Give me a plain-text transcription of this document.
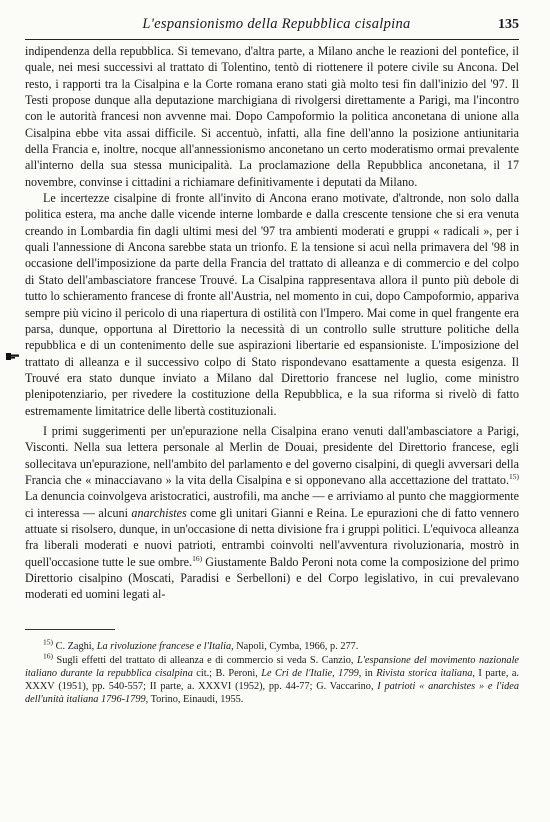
L'espansionismo della Repubblica cisalpina	135

indipendenza della repubblica. Si temevano, d'altra parte, a Milano anche le reazioni del pontefice, il quale, nei mesi successivi al trattato di Tolentino, tentò di riottenere il potere civile su Ancona. Del resto, i rapporti tra la Cisalpina e la Corte romana erano stati già molto tesi fin dall'inizio del '97. Il Testi propose dunque alla deputazione marchigiana di rivolgersi direttamente a Parigi, ma l'incontro con le autorità francesi non avvenne mai. Dopo Campoformio la politica anconetana di unione alla Cisalpina ebbe vita assai difficile. Si accentuò, infatti, alla fine dell'anno la posizione antiunitaria della Francia e, inoltre, nocque all'annessionismo anconetano un certo moderatismo ormai prevalente all'interno della sua stessa municipalità. La proclamazione della Repubblica anconetana, il 17 novembre, convinse i cittadini a richiamare definitivamente i deputati da Milano.

Le incertezze cisalpine di fronte all'invito di Ancona erano motivate, d'altronde, non solo dalla politica estera, ma anche dalle vicende interne lombarde e dalla crescente tensione che si era venuta creando in Lombardia fin dagli ultimi mesi del '97 tra ambienti moderati e gruppi « radicali », per i quali l'annessione di Ancona sarebbe stata un trionfo. E la tensione si acuì nella primavera del '98 in occasione dell'imposizione da parte della Francia del trattato di alleanza e di commercio e del colpo di Stato dell'ambasciatore francese Trouvé. La Cisalpina rappresentava allora il punto più debole di tutto lo schieramento francese di fronte all'Austria, nel momento in cui, dopo Campoformio, appariva sempre più vicino il pericolo di una riapertura di ostilità con l'Impero. Mai come in quel frangente era parsa, dunque, opportuna al Direttorio la necessità di un controllo sulle strutture politiche della repubblica e di un contenimento delle sue aspirazioni libertarie ed espansioniste. L'imposizione del trattato di alleanza e il successivo colpo di Stato rispondevano esattamente a questa esigenza. Il Trouvé era stato dunque inviato a Milano dal Direttorio francese nel luglio, come ministro plenipotenziario, per rivedere la costituzione della Repubblica, e la sua riforma si rivelò di fatto estremamente limitatrice delle libertà costituzionali.

I primi suggerimenti per un'epurazione nella Cisalpina erano venuti dall'ambasciatore a Parigi, Visconti. Nella sua lettera personale al Merlin de Douai, presidente del Direttorio francese, egli sollecitava un'epurazione, nell'ambito del parlamento e del governo cisalpini, di quegli avversari della Francia che « minacciavano » la vita della Cisalpina e si opponevano alla accettazione del trattato.$^{15)}$ La denuncia coinvolgeva aristocratici, austrofili, ma anche — e arriviamo al punto che maggiormente ci interessa — alcuni anarchistes come gli unitari Gianni e Reina. Le epurazioni che di fatto vennero attuate si risolsero, dunque, in un'occasione di netta divisione fra i gruppi politici. L'equivoca alleanza fra liberali moderati e nuovi patrioti, entrambi coinvolti nell'avventura rivoluzionaria, mostrò in quell'occasione tutte le sue ombre.$^{16)}$ Giustamente Baldo Peroni nota come la composizione del primo Direttorio cisalpino (Moscati, Paradisi e Serbelloni) e del Corpo legislativo, in cui prevalevano moderati ed uomini legati al-

$^{15)}$ C. Zaghi, La rivoluzione francese e l'Italia, Napoli, Cymba, 1966, p. 277.

$^{16)}$ Sugli effetti del trattato di alleanza e di commercio si veda S. Canzio, L'espansione del movimento nazionale italiano durante la repubblica cisalpina cit.; B. Peroni, Le Cri de l'Italie, 1799, in Rivista storica italiana, I parte, a. XXXV (1951), pp. 540-557; II parte, a. XXXVI (1952), pp. 44-77; G. Vaccarino, I patrioti « anarchistes » e l'idea dell'unità italiana 1796-1799, Torino, Einaudi, 1955.
